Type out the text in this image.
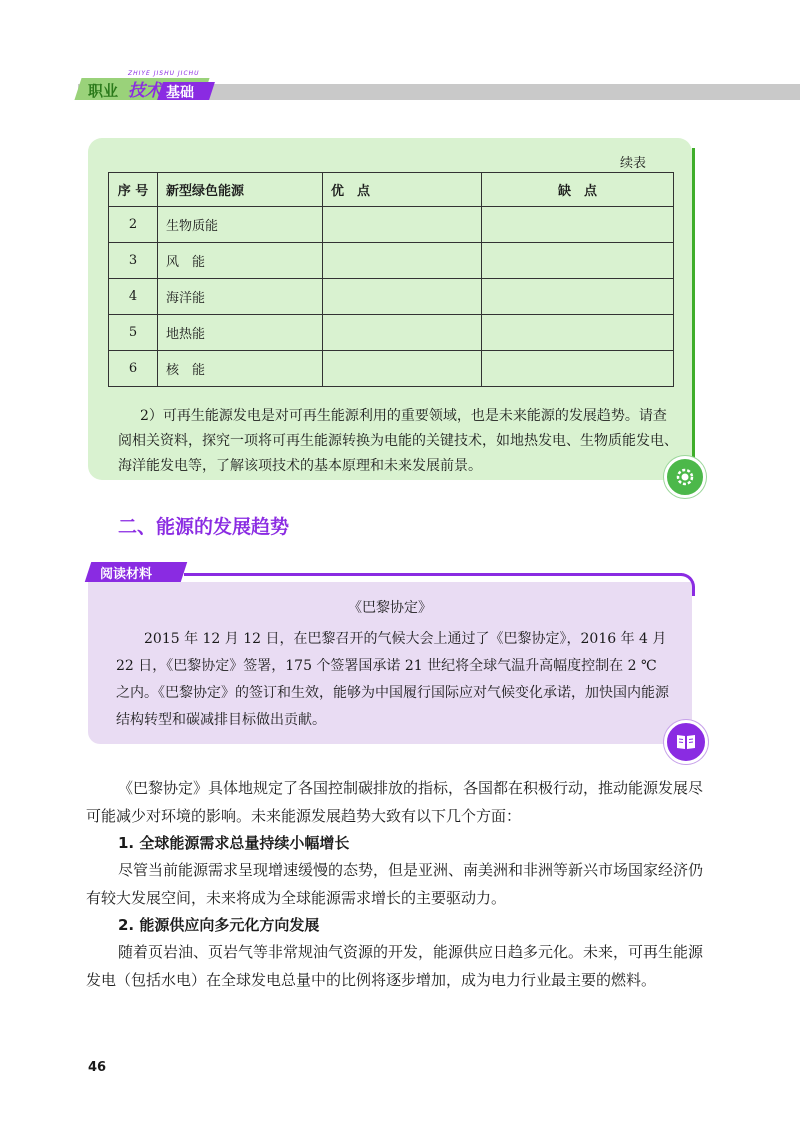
ZHIYE JISHU JICHU
职业 技术 基础
续表
序 号	新型绿色能源	优　点	缺　点
2	生物质能		
3	风　能		
4	海洋能		
5	地热能		
6	核　能		

2）可再生能源发电是对可再生能源利用的重要领域，也是未来能源的发展趋势。请查阅相关资料，探究一项将可再生能源转换为电能的关键技术，如地热发电、生物质能发电、海洋能发电等，了解该项技术的基本原理和未来发展前景。

二、能源的发展趋势
阅读材料

《巴黎协定》

2015 年 12 月 12 日，在巴黎召开的气候大会上通过了《巴黎协定》，2016 年 4 月 22 日，《巴黎协定》签署，175 个签署国承诺 21 世纪将全球气温升高幅度控制在 2 ℃之内。《巴黎协定》的签订和生效，能够为中国履行国际应对气候变化承诺，加快国内能源结构转型和碳减排目标做出贡献。

《巴黎协定》具体地规定了各国控制碳排放的指标，各国都在积极行动，推动能源发展尽可能减少对环境的影响。未来能源发展趋势大致有以下几个方面：

1. 全球能源需求总量持续小幅增长

尽管当前能源需求呈现增速缓慢的态势，但是亚洲、南美洲和非洲等新兴市场国家经济仍有较大发展空间，未来将成为全球能源需求增长的主要驱动力。

2. 能源供应向多元化方向发展

随着页岩油、页岩气等非常规油气资源的开发，能源供应日趋多元化。未来，可再生能源发电（包括水电）在全球发电总量中的比例将逐步增加，成为电力行业最主要的燃料。

46
